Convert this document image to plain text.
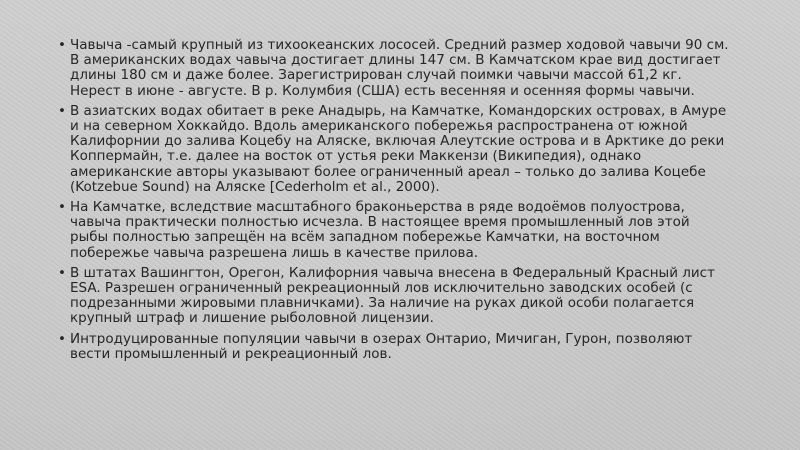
• Чавыча -самый крупный из тихоокеанских лососей. Средний размер ходовой чавычи 90 см. В американских водах чавыча достигает длины 147 см. В Камчатском крае вид достигает длины 180 см и даже более. Зарегистрирован случай поимки чавычи массой 61,2 кг. Нерест в июне - августе. В р. Колумбия (США) есть весенняя и осенняя формы чавычи.
• В азиатских водах обитает в реке Анадырь, на Камчатке, Командорских островах, в Амуре и на северном Хоккайдо. Вдоль американского побережья распространена от южной Калифорнии до залива Коцебу на Аляске, включая Алеутские острова и в Арктике до реки Коппермайн, т.е. далее на восток от устья реки Маккензи (Википедия), однако американские авторы указывают более ограниченный ареал – только до залива Коцебе (Kotzebue Sound) на Аляске [Cederholm et al., 2000).
• На Камчатке, вследствие масштабного браконьерства в ряде водоёмов полуострова, чавыча практически полностью исчезла. В настоящее время промышленный лов этой рыбы полностью запрещён на всём западном побережье Камчатки, на восточном побережье чавыча разрешена лишь в качестве прилова.
• В штатах Вашингтон, Орегон, Калифорния чавыча внесена в Федеральный Красный лист ESA. Разрешен ограниченный рекреационный лов исключительно заводских особей (с подрезанными жировыми плавничками). За наличие на руках дикой особи полагается крупный штраф и лишение рыболовной лицензии.
• Интродуцированные популяции чавычи в озерах Онтарио, Мичиган, Гурон, позволяют вести промышленный и рекреационный лов.
